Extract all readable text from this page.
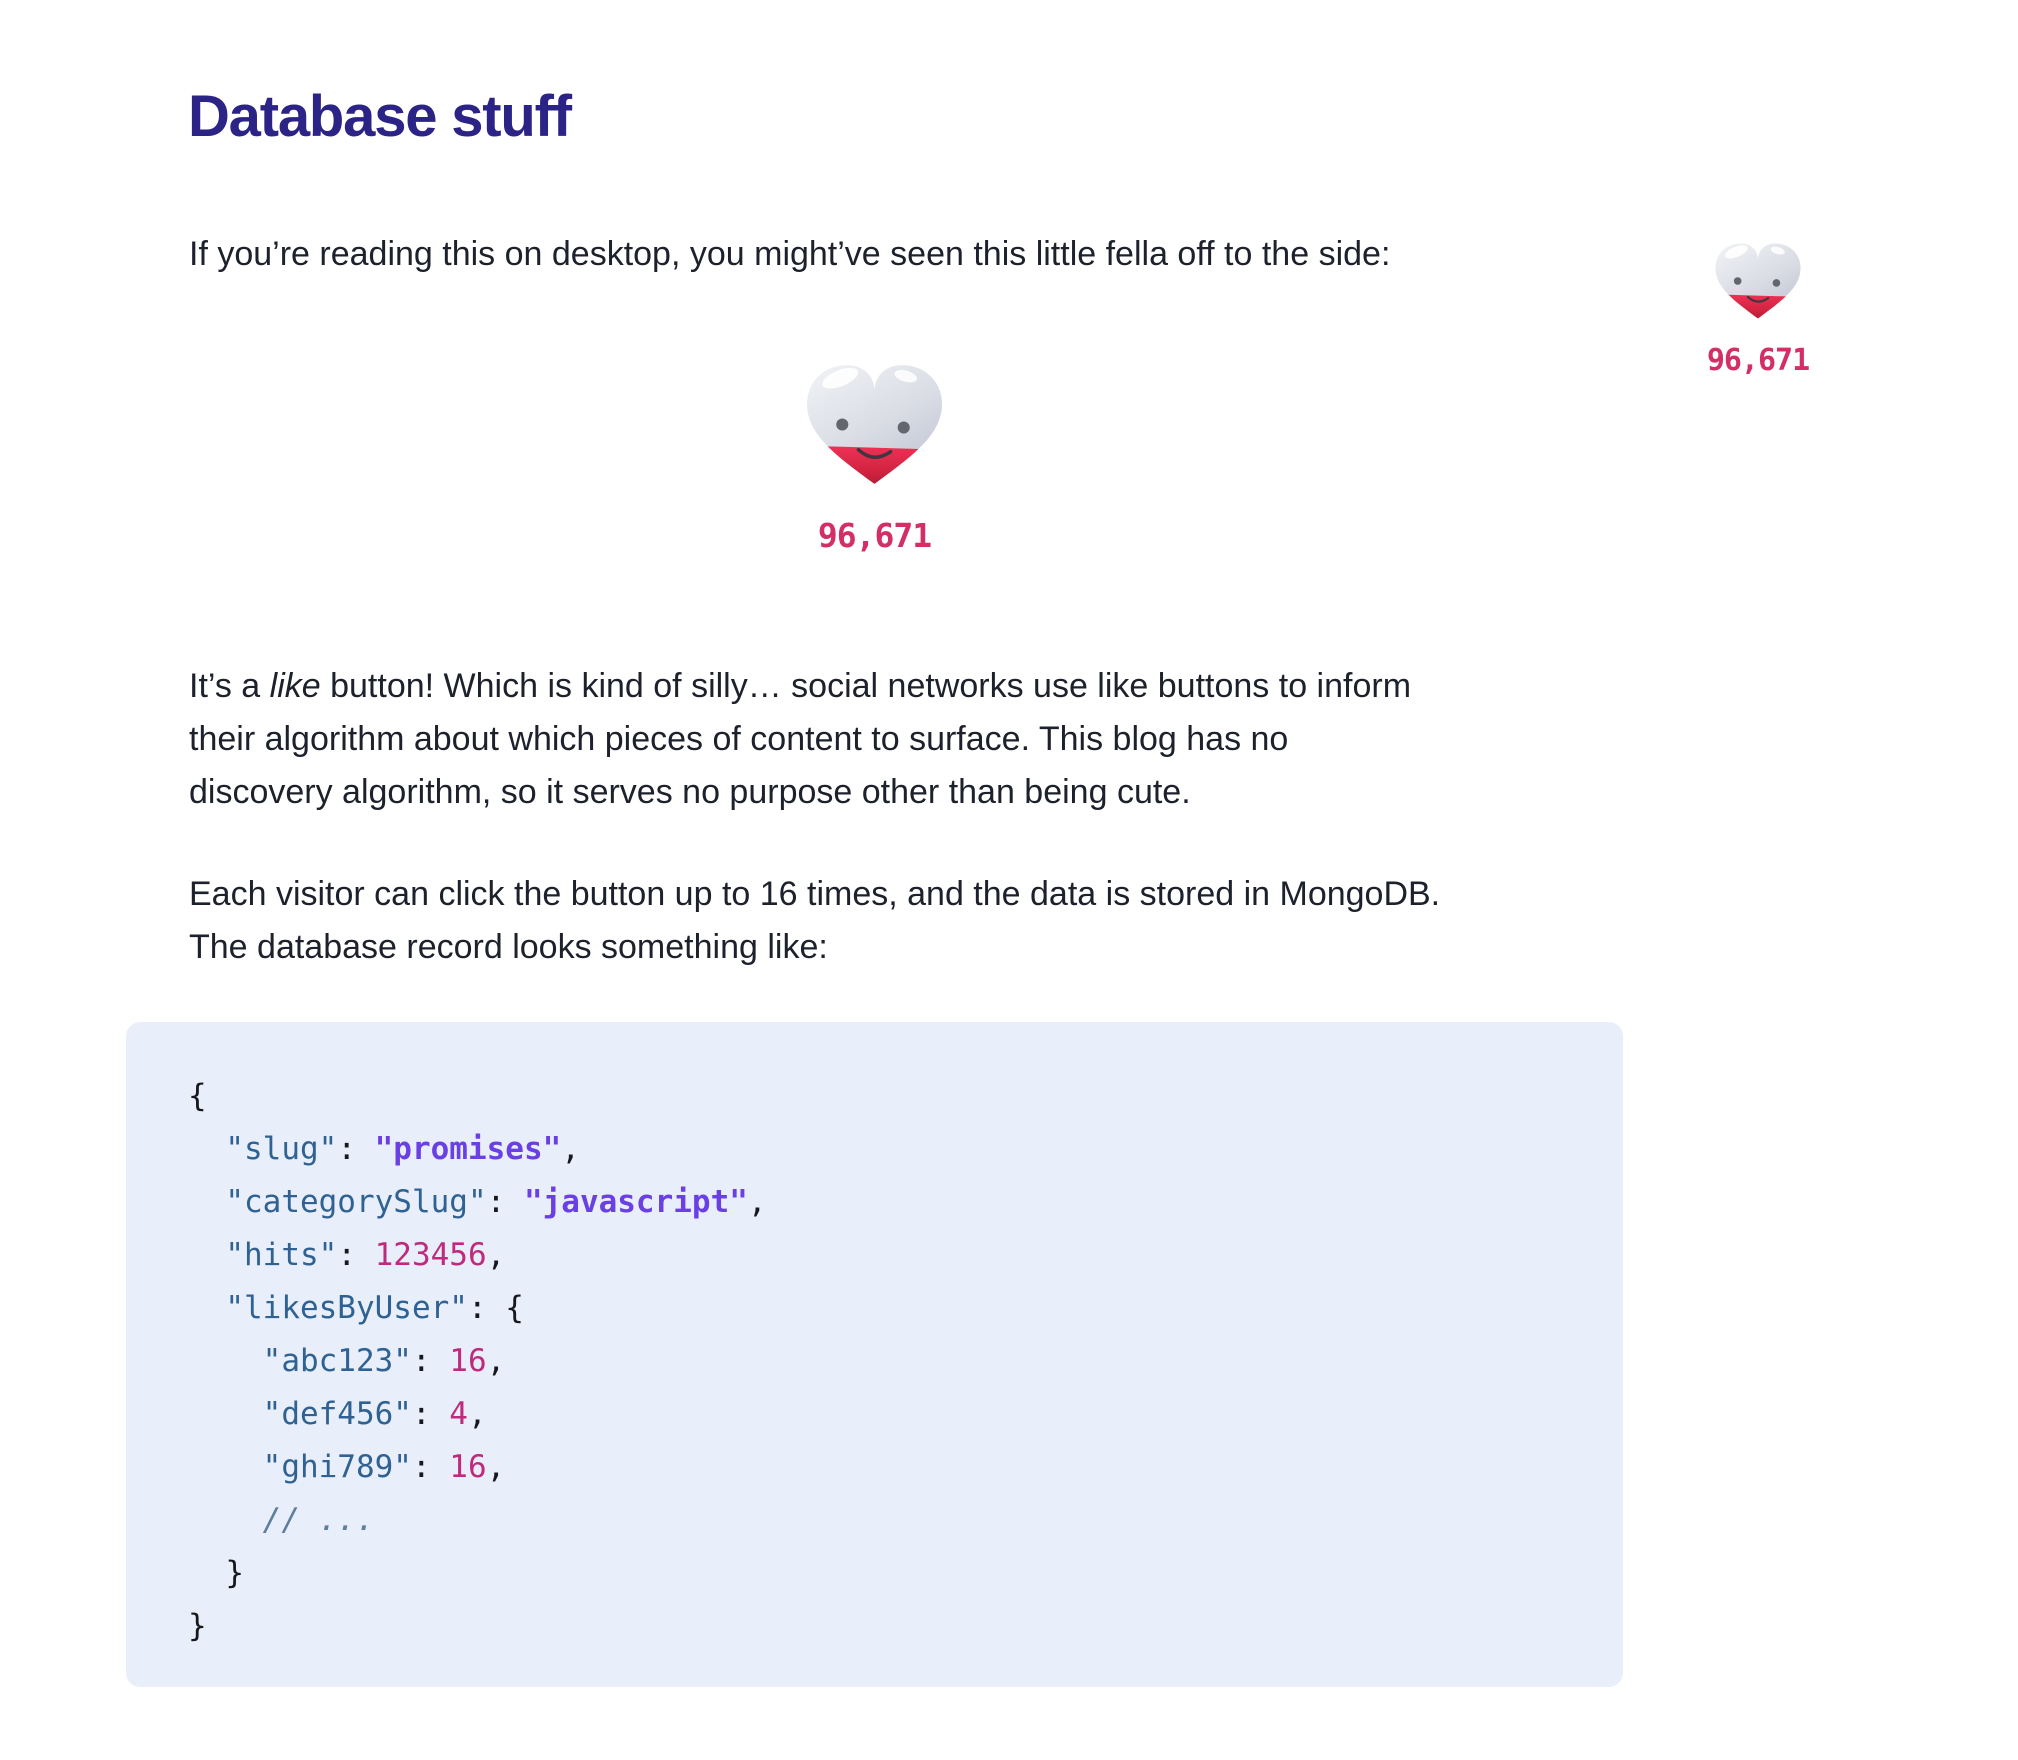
Database stuff

If you’re reading this on desktop, you might’ve seen this little fella off to the side:

96,671

It’s a like button! Which is kind of silly… social networks use like buttons to inform
their algorithm about which pieces of content to surface. This blog has no
discovery algorithm, so it serves no purpose other than being cute.

Each visitor can click the button up to 16 times, and the data is stored in MongoDB.
The database record looks something like:

{
"slug": "promises",
"categorySlug": "javascript",
"hits": 123456,
"likesByUser": {
"abc123": 16,
"def456": 4,
"ghi789": 16,
// ...
}
}
96,671
